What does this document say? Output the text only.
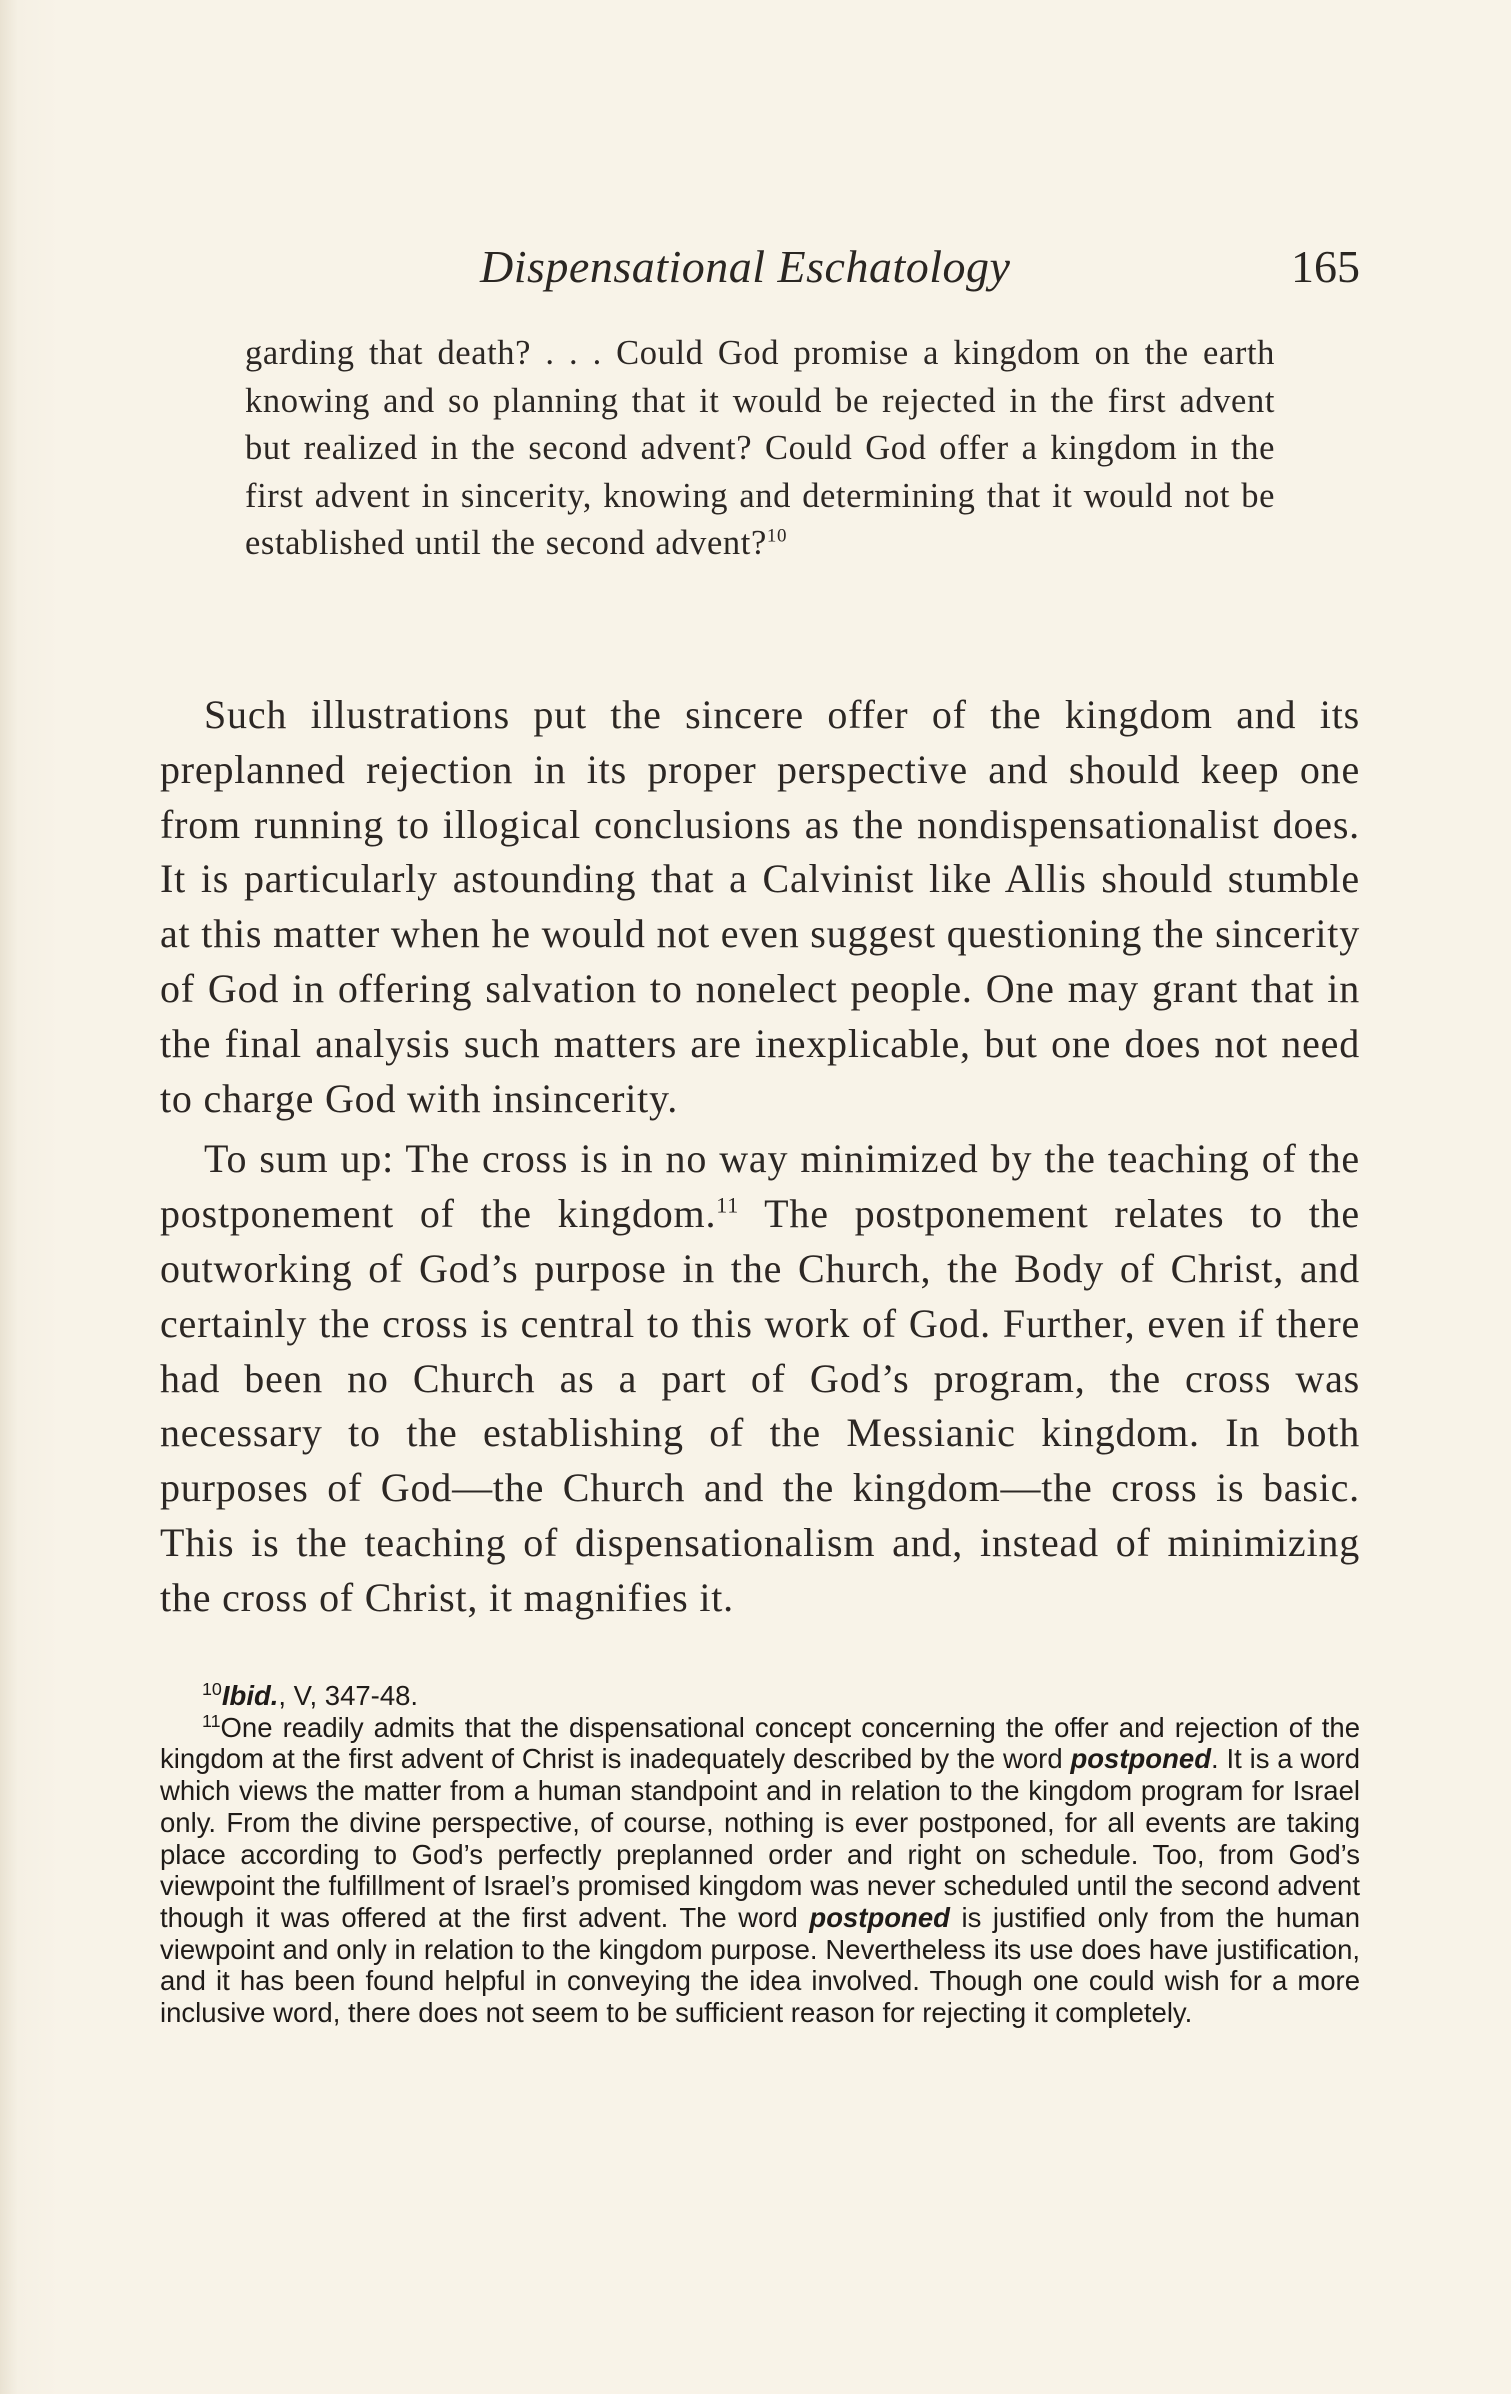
Dispensational Eschatology	165

garding that death? . . . Could God promise a kingdom on the earth knowing and so planning that it would be rejected in the first advent but realized in the second advent? Could God offer a kingdom in the first advent in sincerity, knowing and determining that it would not be established until the second advent?$^{10}$

Such illustrations put the sincere offer of the kingdom and its preplanned rejection in its proper perspective and should keep one from running to illogical conclusions as the nondispensationalist does. It is particularly astounding that a Calvinist like Allis should stumble at this matter when he would not even suggest questioning the sincerity of God in offering salvation to nonelect people. One may grant that in the final analysis such matters are inexplicable, but one does not need to charge God with insincerity.

To sum up: The cross is in no way minimized by the teaching of the postponement of the kingdom.$^{11}$ The postponement relates to the outworking of God’s purpose in the Church, the Body of Christ, and certainly the cross is central to this work of God. Further, even if there had been no Church as a part of God’s program, the cross was necessary to the establishing of the Messianic kingdom. In both purposes of God—the Church and the kingdom—the cross is basic. This is the teaching of dispensationalism and, instead of minimizing the cross of Christ, it magnifies it.

$^{10}$Ibid., V, 347-48.

$^{11}$One readily admits that the dispensational concept concerning the offer and rejection of the kingdom at the first advent of Christ is inadequately described by the word postponed. It is a word which views the matter from a human standpoint and in relation to the kingdom program for Israel only. From the divine perspective, of course, nothing is ever postponed, for all events are taking place according to God’s perfectly preplanned order and right on schedule. Too, from God’s viewpoint the fulfillment of Israel’s promised kingdom was never scheduled until the second advent though it was offered at the first advent. The word postponed is justified only from the human viewpoint and only in relation to the kingdom purpose. Nevertheless its use does have justification, and it has been found helpful in conveying the idea involved. Though one could wish for a more inclusive word, there does not seem to be sufficient reason for rejecting it completely.
